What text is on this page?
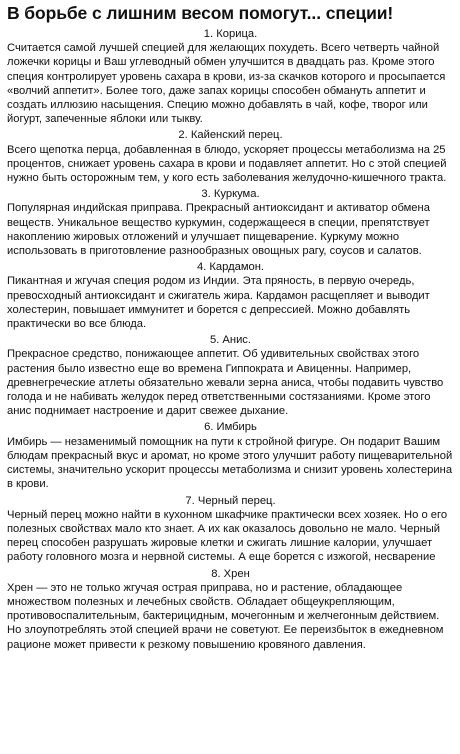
В борьбе с лишним весом помогут... специи!
1. Корица.
Считается самой лучшей специей для желающих похудеть. Всего четверть чайной ложечки корицы и Ваш углеводный обмен улучшится в двадцать раз. Кроме этого специя контролирует уровень сахара в крови, из-за скачков которого и просыпается «волчий аппетит». Более того, даже запах корицы способен обмануть аппетит и создать иллюзию насыщения. Специю можно добавлять в чай, кофе, творог или йогурт, запеченные яблоки или тыкву.
2. Кайенский перец.
Всего щепотка перца, добавленная в блюдо, ускоряет процессы метаболизма на 25 процентов, снижает уровень сахара в крови и подавляет аппетит. Но с этой специей нужно быть осторожным тем, у кого есть заболевания желудочно-кишечного тракта.
3. Куркума.
Популярная индийская приправа. Прекрасный антиоксидант и активатор обмена веществ. Уникальное вещество куркумин, содержащееся в специи, препятствует накоплению жировых отложений и улучшает пищеварение. Куркуму можно использовать в приготовление разнообразных овощных рагу, соусов и салатов.
4. Кардамон.
Пикантная и жгучая специя родом из Индии. Эта пряность, в первую очередь, превосходный антиоксидант и сжигатель жира. Кардамон расщепляет и выводит холестерин, повышает иммунитет и борется с депрессией. Можно добавлять практически во все блюда.
5. Анис.
Прекрасное средство, понижающее аппетит. Об удивительных свойствах этого растения было известно еще во времена Гиппократа и Авиценны. Например, древнегреческие атлеты обязательно жевали зерна аниса, чтобы подавить чувство голода и не набивать желудок перед ответственными состязаниями. Кроме этого анис поднимает настроение и дарит свежее дыхание.
6. Имбирь
Имбирь — незаменимый помощник на пути к стройной фигуре. Он подарит Вашим блюдам прекрасный вкус и аромат, но кроме этого улучшит работу пищеварительной системы, значительно ускорит процессы метаболизма и снизит уровень холестерина в крови.
7. Черный перец.
Черный перец можно найти в кухонном шкафчике практически всех хозяек. Но о его полезных свойствах мало кто знает. А их как оказалось довольно не мало. Черный перец способен разрушать жировые клетки и сжигать лишние калории, улучшает работу головного мозга и нервной системы. А еще борется с изжогой, несварение
8. Хрен
Хрен — это не только жгучая острая приправа, но и растение, обладающее множеством полезных и лечебных свойств. Обладает общеукрепляющим, противовоспалительным, бактерицидным, мочегонным и желчегонным действием. Но злоупотреблять этой специей врачи не советуют. Ее переизбыток в ежедневном рационе может привести к резкому повышению кровяного давления.
